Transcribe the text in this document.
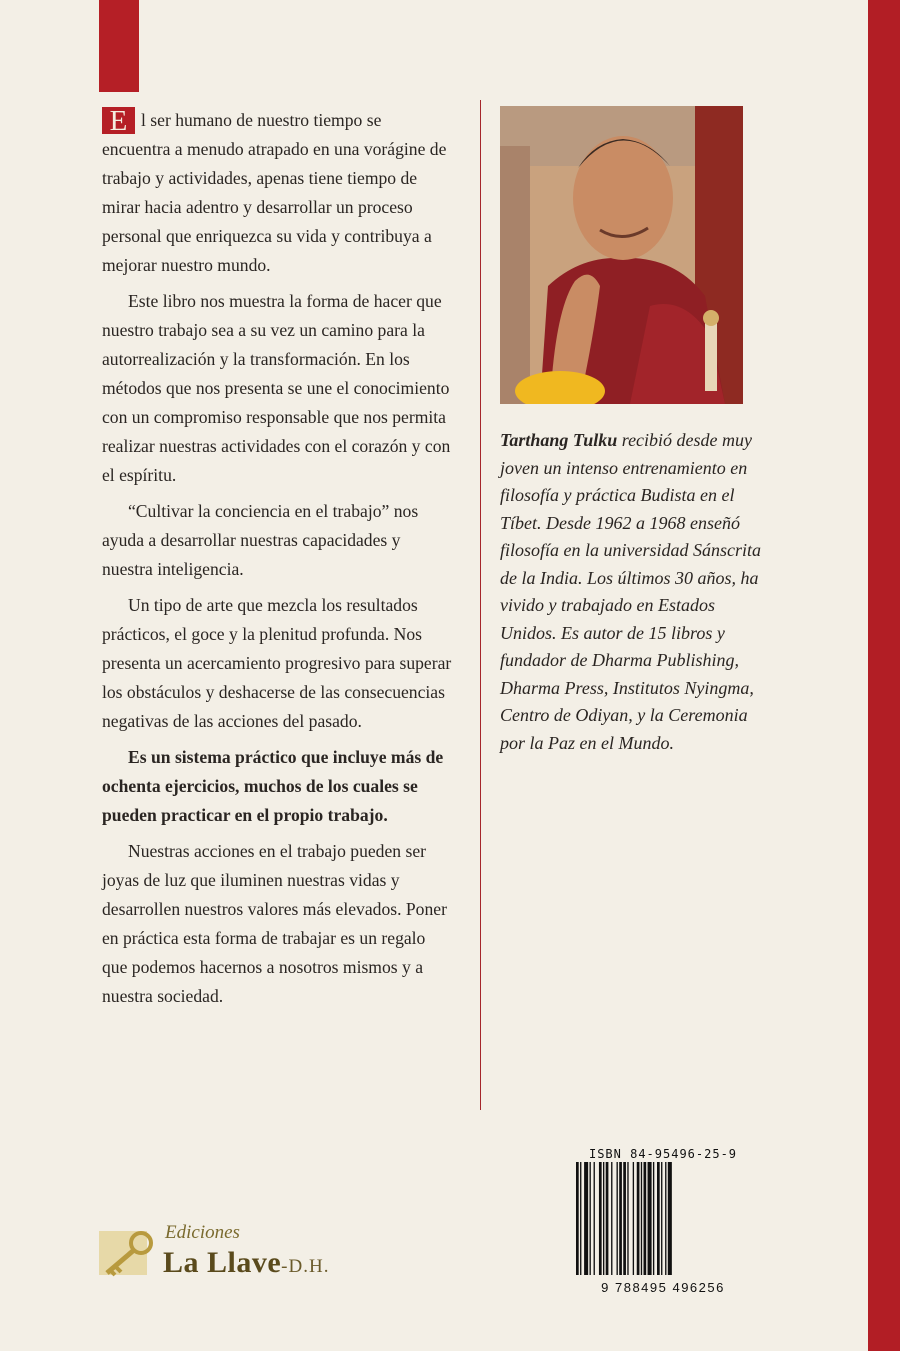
E l ser humano de nuestro tiempo se encuentra a menudo atrapado en una vorágine de trabajo y actividades, apenas tiene tiempo de mirar hacia adentro y desarrollar un proceso personal que enriquezca su vida y contribuya a mejorar nuestro mundo.

Este libro nos muestra la forma de hacer que nuestro trabajo sea a su vez un camino para la autorrealización y la transformación. En los métodos que nos presenta se une el conocimiento con un compromiso responsable que nos permita realizar nuestras actividades con el corazón y con el espíritu.

“Cultivar la conciencia en el trabajo” nos ayuda a desarrollar nuestras capacidades y nuestra inteligencia.

Un tipo de arte que mezcla los resultados prácticos, el goce y la plenitud profunda. Nos presenta un acercamiento progresivo para superar los obstáculos y deshacerse de las consecuencias negativas de las acciones del pasado.

Es un sistema práctico que incluye más de ochenta ejercicios, muchos de los cuales se pueden practicar en el propio trabajo.

Nuestras acciones en el trabajo pueden ser joyas de luz que iluminen nuestras vidas y desarrollen nuestros valores más elevados. Poner en práctica esta forma de trabajar es un regalo que podemos hacernos a nosotros mismos y a nuestra sociedad.

Tarthang Tulku recibió desde muy joven un intenso entrenamiento en filosofía y práctica Budista en el Tíbet. Desde 1962 a 1968 enseñó filosofía en la universidad Sánscrita de la India. Los últimos 30 años, ha vivido y trabajado en Estados Unidos. Es autor de 15 libros y fundador de Dharma Publishing, Dharma Press, Institutos Nyingma, Centro de Odiyan, y la Ceremonia por la Paz en el Mundo.

ISBN 84-95496-25-9
9 788495 496256
Ediciones
La Llave-D.H.
